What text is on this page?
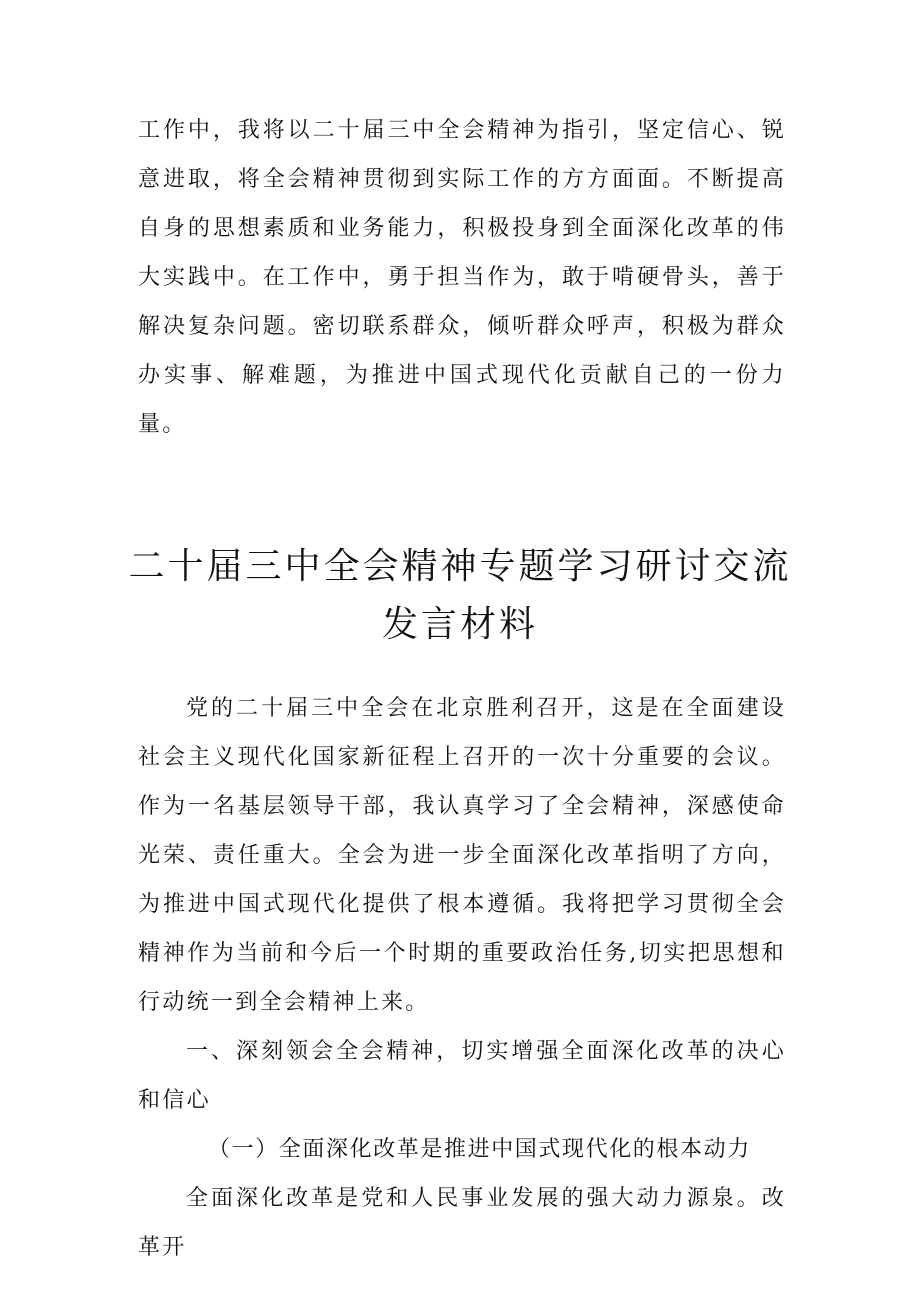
工作中，我将以二十届三中全会精神为指引，坚定信心、锐意进取，将全会精神贯彻到实际工作的方方面面。不断提高自身的思想素质和业务能力，积极投身到全面深化改革的伟大实践中。在工作中，勇于担当作为，敢于啃硬骨头，善于解决复杂问题。密切联系群众，倾听群众呼声，积极为群众办实事、解难题，为推进中国式现代化贡献自己的一份力量。
二十届三中全会精神专题学习研讨交流发言材料

党的二十届三中全会在北京胜利召开，这是在全面建设社会主义现代化国家新征程上召开的一次十分重要的会议。作为一名基层领导干部，我认真学习了全会精神，深感使命光荣、责任重大。全会为进一步全面深化改革指明了方向，为推进中国式现代化提供了根本遵循。我将把学习贯彻全会精神作为当前和今后一个时期的重要政治任务,切实把思想和行动统一到全会精神上来。

一、深刻领会全会精神，切实增强全面深化改革的决心和信心

（一）全面深化改革是推进中国式现代化的根本动力

全面深化改革是党和人民事业发展的强大动力源泉。改革开
